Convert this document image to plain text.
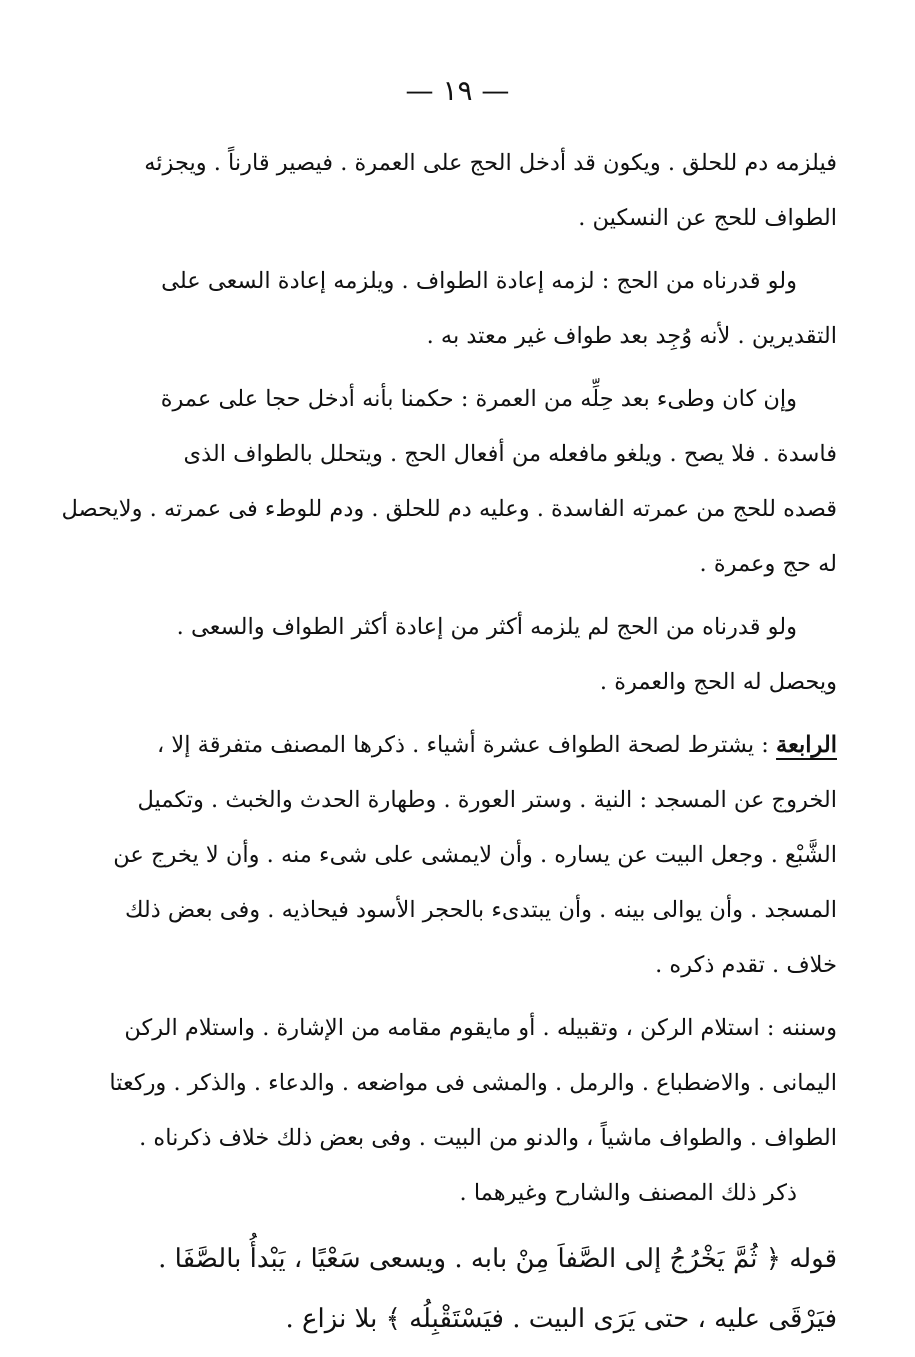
— ١٩ —
فيلزمه دم للحلق . ويكون قد أدخل الحج على العمرة . فيصير قارناً . ويجزئه
الطواف للحج عن النسكين .
ولو قدرناه من الحج : لزمه إعادة الطواف . ويلزمه إعادة السعى على
التقديرين . لأنه وُجِد بعد طواف غير معتد به .
وإن كان وطىء بعد حِلِّه من العمرة : حكمنا بأنه أدخل حجا على عمرة
فاسدة . فلا يصح . ويلغو مافعله من أفعال الحج . ويتحلل بالطواف الذى
قصده للحج من عمرته الفاسدة . وعليه دم للحلق . ودم للوطء فى عمرته . ولايحصل
له حج وعمرة .
ولو قدرناه من الحج لم يلزمه أكثر من إعادة أكثر الطواف والسعى .
ويحصل له الحج والعمرة .
الرابعة : يشترط لصحة الطواف عشرة أشياء . ذكرها المصنف متفرقة إلا ،
الخروج عن المسجد : النية . وستر العورة . وطهارة الحدث والخبث . وتكميل
الشَّبْع . وجعل البيت عن يساره . وأن لايمشى على شىء منه . وأن لا يخرج عن
المسجد . وأن يوالى بينه . وأن يبتدىء بالحجر الأسود فيحاذيه . وفى بعض ذلك
خلاف . تقدم ذكره .
وسننه : استلام الركن ، وتقبيله . أو مايقوم مقامه من الإشارة . واستلام الركن
اليمانى . والاضطباع . والرمل . والمشى فى مواضعه . والدعاء . والذكر . وركعتا
الطواف . والطواف ماشياً ، والدنو من البيت . وفى بعض ذلك خلاف ذكرناه .
ذكر ذلك المصنف والشارح وغيرهما .
قوله ﴿ ثُمَّ يَخْرُجُ إلى الصَّفاَ مِنْ بابه . ويسعى سَعْيًا ، يَبْدأُ بالصَّفَا .
فيَرْقَى عليه ، حتى يَرَى البيت . فيَسْتَقْبِلُه ﴾ بلا نزاع .
